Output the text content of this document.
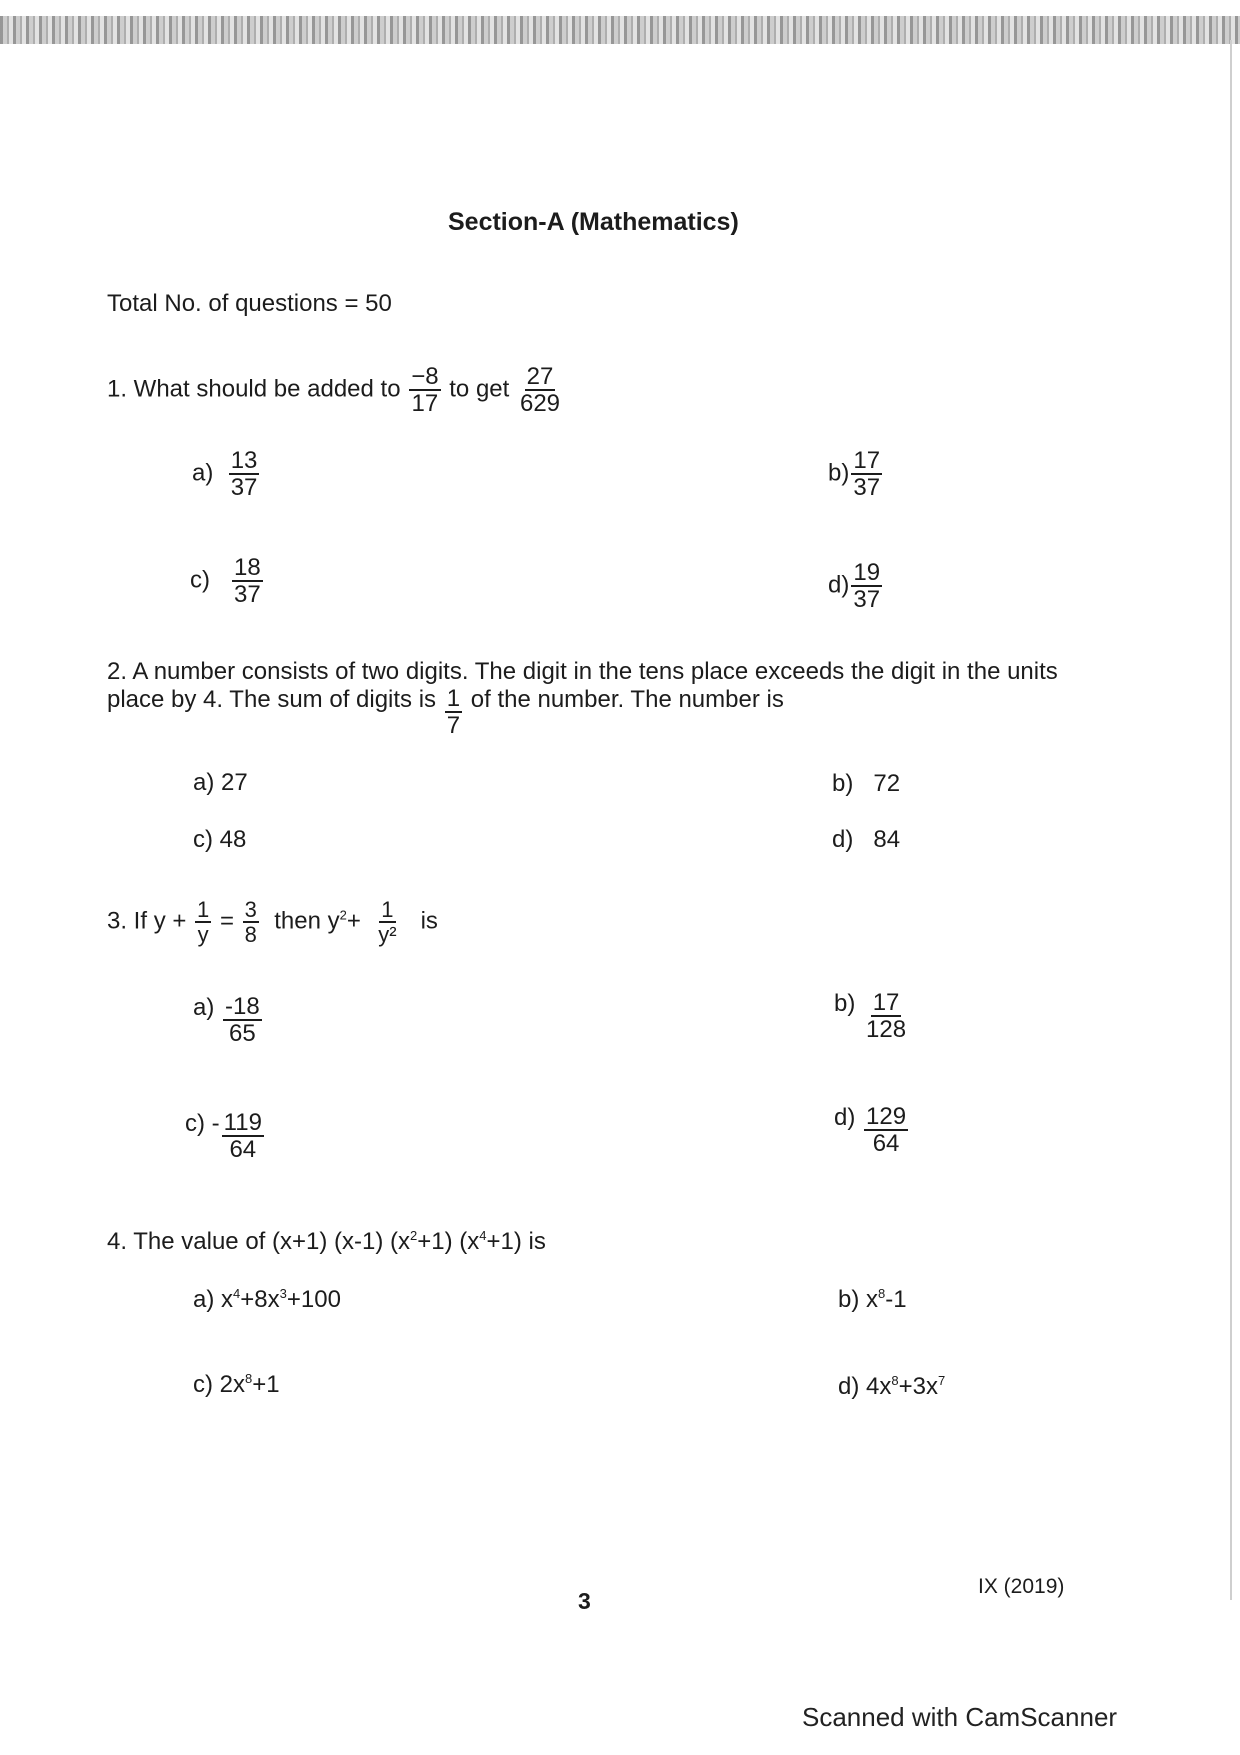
Section-A (Mathematics)
Total No. of questions = 50
1. What should be added to $\frac{-8}{17}$ to get $\frac{27}{629}$
$a) \frac{13}{37}$	$b) \frac{17}{37}$
$c) \frac{18}{37}$	$d) \frac{19}{37}$
2. A number consists of two digits. The digit in the tens place exceeds the digit in the units
place by 4. The sum of digits is $\frac{1}{7}$ of the number. The number is
a) 27	b) 72
c) 48	d) 84
3. If $y + \frac{1}{y} = \frac{3}{8}$ then $y^2+ \frac{1}{\text{y²}}$ is
$a) \frac{-18}{65}$	$b) \frac{17}{128}$
$c) - \frac{119}{64}$	$d) \frac{129}{64}$
4. The value of (x+1) (x-1) $(x^2+1)$ $(x^4+1)$ is
a) $x^4+8x^3+100$	b) $x^8-1$
c) $2x^8+1$	d) $4x^8+3x^7$
3
IX (2019)
Scanned with CamScanner
